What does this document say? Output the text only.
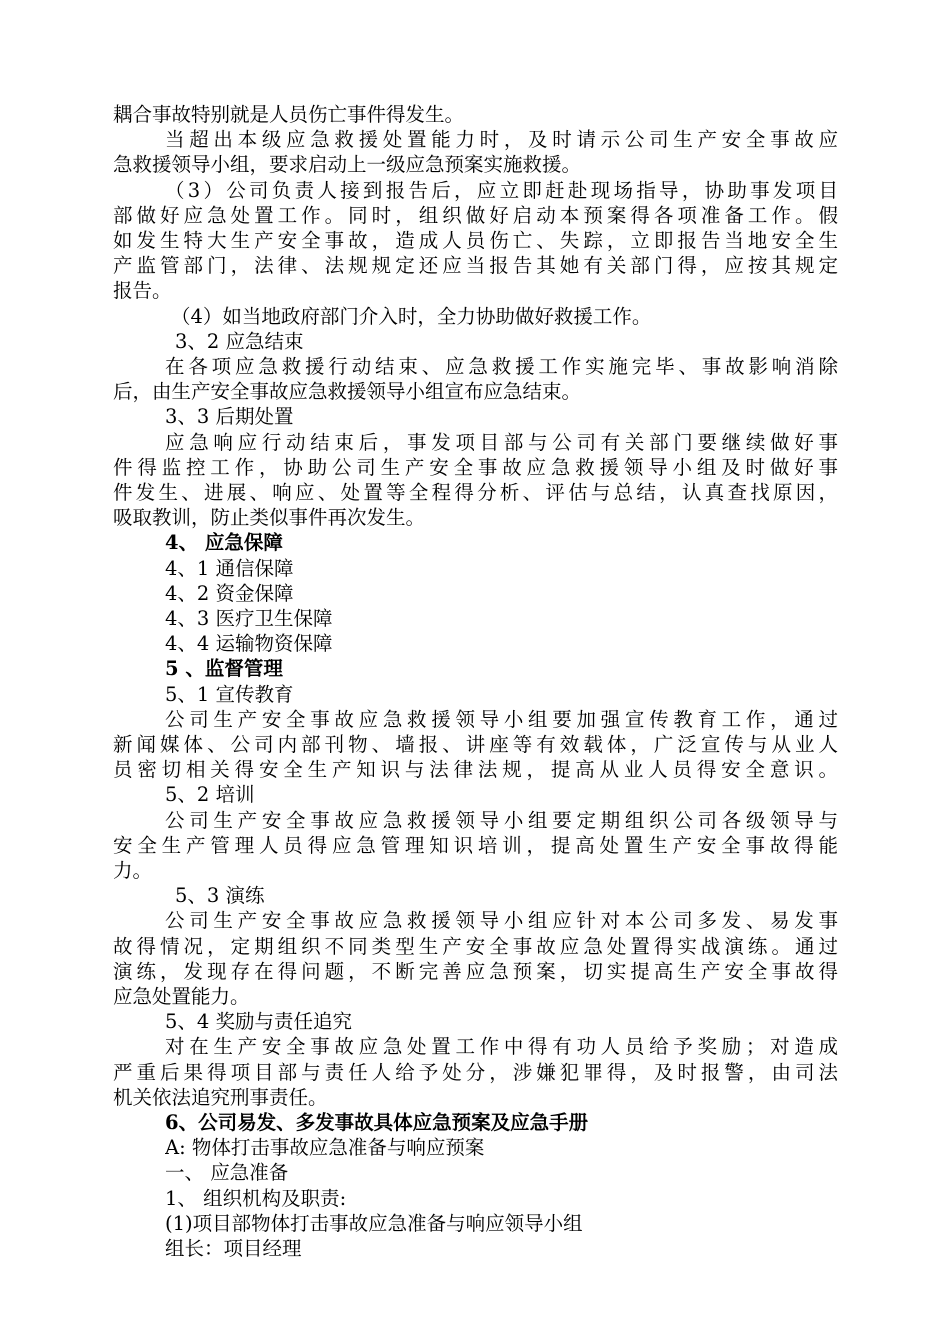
耦合事故特别就是人员伤亡事件得发生。
当超出本级应急救援处置能力时，及时请示公司生产安全事故应
急救援领导小组，要求启动上一级应急预案实施救援。
（3）公司负责人接到报告后，应立即赶赴现场指导，协助事发项目
部做好应急处置工作。同时，组织做好启动本预案得各项准备工作。假
如发生特大生产安全事故，造成人员伤亡、失踪，立即报告当地安全生
产监管部门，法律、法规规定还应当报告其她有关部门得，应按其规定
报告。
（4）如当地政府部门介入时，全力协助做好救援工作。
3、2 应急结束
在各项应急救援行动结束、应急救援工作实施完毕、事故影响消除
后，由生产安全事故应急救援领导小组宣布应急结束。
3、3 后期处置
应急响应行动结束后，事发项目部与公司有关部门要继续做好事
件得监控工作，协助公司生产安全事故应急救援领导小组及时做好事
件发生、进展、响应、处置等全程得分析、评估与总结，认真查找原因，
吸取教训，防止类似事件再次发生。
4、 应急保障
4、1 通信保障
4、2 资金保障
4、3 医疗卫生保障
4、4 运输物资保障
5 、监督管理
5、1 宣传教育
公司生产安全事故应急救援领导小组要加强宣传教育工作，通过
新闻媒体、公司内部刊物、墙报、讲座等有效载体，广泛宣传与从业人
员密切相关得安全生产知识与法律法规，提高从业人员得安全意识。
5、2 培训
公司生产安全事故应急救援领导小组要定期组织公司各级领导与
安全生产管理人员得应急管理知识培训，提高处置生产安全事故得能
力。
5、3 演练
公司生产安全事故应急救援领导小组应针对本公司多发、易发事
故得情况，定期组织不同类型生产安全事故应急处置得实战演练。通过
演练，发现存在得问题，不断完善应急预案，切实提高生产安全事故得
应急处置能力。
5、4 奖励与责任追究
对在生产安全事故应急处置工作中得有功人员给予奖励；对造成
严重后果得项目部与责任人给予处分，涉嫌犯罪得，及时报警，由司法
机关依法追究刑事责任。
6、公司易发、多发事故具体应急预案及应急手册
A: 物体打击事故应急准备与响应预案
一、 应急准备
1、 组织机构及职责:
(1)项目部物体打击事故应急准备与响应领导小组
组长：项目经理
